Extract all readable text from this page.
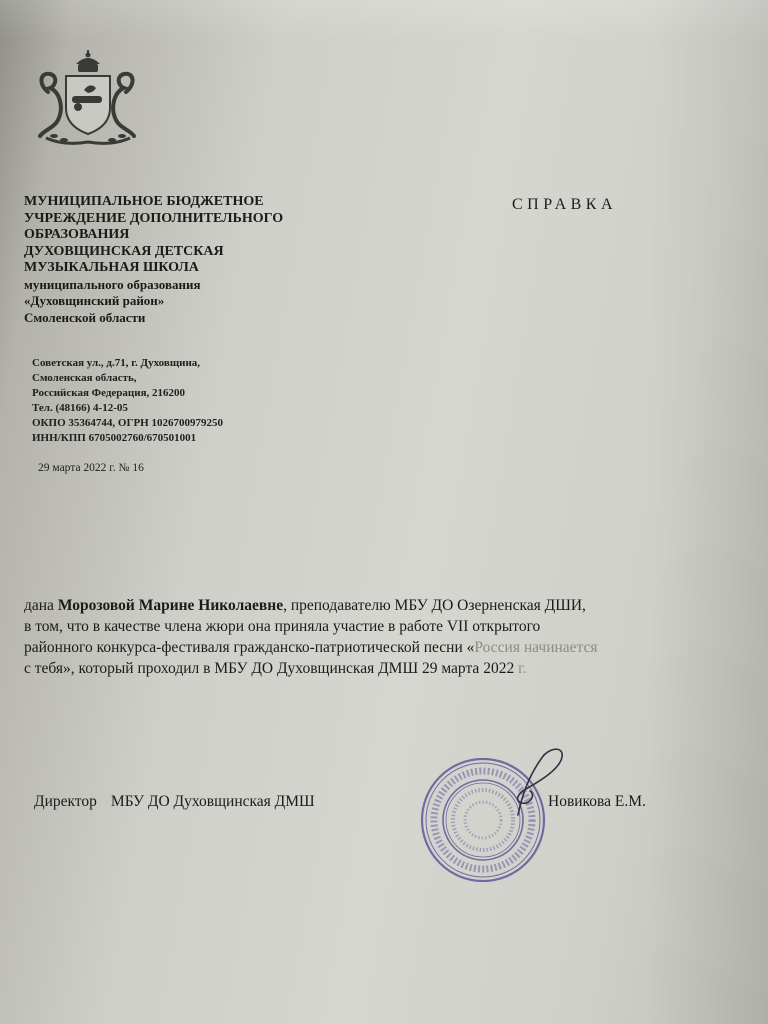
МУНИЦИПАЛЬНОЕ БЮДЖЕТНОЕ
УЧРЕЖДЕНИЕ ДОПОЛНИТЕЛЬНОГО
ОБРАЗОВАНИЯ
ДУХОВЩИНСКАЯ ДЕТСКАЯ
МУЗЫКАЛЬНАЯ ШКОЛА
муниципального образования
«Духовщинский район»
Смоленской области
Советская ул., д.71, г. Духовщина,
Смоленская область,
Российская Федерация, 216200
Тел. (48166) 4-12-05
ОКПО 35364744, ОГРН 1026700979250
ИНН/КПП 6705002760/670501001
29 марта 2022 г. № 16
СПРАВКА
дана Морозовой Марине Николаевне, преподавателю МБУ ДО Озерненская ДШИ,
в том, что в качестве члена жюри она приняла участие в работе VII открытого
районного конкурса-фестиваля гражданско-патриотической песни «Россия начинается
с тебя», который проходил в МБУ ДО Духовщинская ДМШ 29 марта 2022 г.
Директор МБУ ДО Духовщинская ДМШ	Новикова Е.М.
